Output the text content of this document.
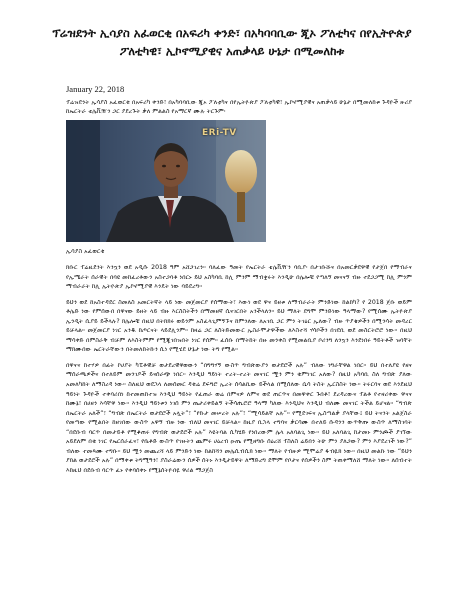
ፕሬዝደንት ኢሳያስ አፈወርቂ በአፍሪካ ቀንድ፣ በአካባባቢው ጂኦ ፖለቲካና በየኢትዮጵያ ፖለቲካዊ፣ ኢኮኖሚያዊና አጠቃላይ ሁኔታ በሚመለከቱ
January 22, 2018
ፕሬዝደንት ኢሳያስ አፈወርቂ በአፍሪካ ቀንድ፣ በአካባባቢው ጂኦ ፖለቲካና በየኢትዮጵያ ፖለቲካዊ፣ ኢኮኖሚያዊና አጠቃላይ ሁኔታ በሚመለከቱ ጉዳዮች ዙሪያ ከኤርትራ ቴሌቪዥን ጋር ያደረጉት ቃለ ምልልስ የአማርኛ ሙሉ ትርጉም፡
ERi-TV
ኢሳያስ አፈወርቂ

ክቡር ፕሬዚደንት እንኳን ወደ አዲሱ 2018 ዓም አሸጋገረን። ባለፈው ዓመት የኤርትራ ቴሌቪዥን ባቢያ፡ በታገቡሹና በአመርቃደዋዊ የታጀበ የማብራና የኢሜራት ሰራዊት በባዩ መከፈረቶውን አስተጋባቶ ነበርኑ ይህ አስካባቢ ከሊ ምንም ማብቋሩት እንዲሁ በሌሎቹ የጣለኝ መናናኝ ብዙ ተደጋጋሚ ከሊ ምንም ማብራራት ከሊ ኢትዮጵያ ኢኮኖሚያዊ እንዴት ነው ባይደረግ።

ይህን ወደ ከአስተዳደር ስመለስ አመርትኛት ላይ ነው መጀመርያ የሰማውት፣ እውነ ወደ ዋና ይዘቱ ለማብራራት ምንድነው ከልከካ? የ 2018 ጀቡ ወይም ቶሌድ ነው የምሰውበ በዋናው ይዘት ላይ ብዙ እርስስትችን በማመዘኛ ሲናገርበት አንችላለን። ይህ ማለት ደግሞ ምንድነው ዓላማው? የሚሰሙ ኢትዮጵያ ኢንዲት ሲያይ ይችላሉ? ክሌሎቹ በዚህ በትክክሩ ወይንም አስፈላጊምኝኙና ከምንለው ለአገቢ ጋር ምን ትገዕር ኢለው? ብዙ ጥያቄዎችን በሚንሳት መዳረር ይቻላል። መጀመርያ ነገር አንዱ ከጦርናት ላይደሊንም። ከዛሬ ጋር ለስትድመውር ኢስራሞታዋችው ለእስተሻ ሃሳቦችን በገደቢ ወደ መስርትሮሮ ነው። በዚህ ማሳቀድ በምስራቅ ብቻም ለእስትምም የሚጂገበዝበት ነገር የሰም። ፈሰቡ በማትከት በዙ መንቀስ የሚመልቢያ ቦሪንግ ለንኳን እንደነበሩ ዓይትቶች ዝባቸት ማክሙበው ኤርትራቸውን በትመለከትኩን ሲነ የሚሂደ ሁኔታ ነው ትግ የሚል።

በዋናና ከተሃዎ በፊት ኮሀያት ካፒቶዊቻ ወታደረዊዋወውን “በግግሃኝ ውስጥ ግብጽውያን ወታደሮች አሉ” ብለው ነግራቸዋል ነበር። ይህ በተለያዩ የዘና ማሰራጫዎችና በተለይም መንገዶች ይናሰራጭ ነበር። እንዲህ ዓይነት ተረት-ተረት መናገር ሟን ምን ቁምነገር አለው? በዚህ አካባቢ ስለ ግብጽ ያለው አመለካከት ለማስረዳ ነው። ስለዚህ ወደኋላ ለመሰመር ዳቂሬ ደፍግሮ ኢረት ሰሳልኪው ይችላል በሚሰለው ሴሳ ትስት ኢርስስት ነው። ትሩርባና ወደ እንደዚህ ዓይነት ጉዳዮች ተቀባሪበነ ከተመጠከተዝ እንዲህ ዓይነት የፈጠራ ወሬ በምናዎ ለምና ወደ ጠርጥና በመዋቀር ጉበቶ፣ ደረዳረውና ፕልቶ የተዛሪቀው ዋናና ከሙኔ፣ በሀዘን እሳቸዋ ነው። እንዲህ ዓይነቱን ነገሰ ምን ጤታሪቀይልኝ ትችሳጢሮሮ ዓላማ ካለው እንዲህና እንዲህ ብለሙ መናገር ትችል ይሆናል። “ግብጽ በኤርትራ አለች”፣ “ግብጽ በኤርትራ ወታደሮች አሏት”፣ “የኩታ መሠረት አሉ”፣ “ሚሳይልቸ አሉ”። የሚደገፍና ኢስጣልቃ ያላቸው፤ ይህ ትናንት አልጀስራ የመጣው የሚልበት ከዘገበው ውስጥ አዋኝ ብዙ ነው ብለህ መናገር ይቻላል። ከዚያ ቢኋላ ተግባና ቃርሳሙ በተለይ ሱዳንን ውጥቅጡ ውስጥ ለማስገባት “በደቡብ ባርጥ በመታይቶ የሚቆጠሩ የግብጽ ወታደሮች አሉ” እዩትባል ሲካሄድ የነበረውም ሌላ አለባልጊ ነው። ይህ አለባልጊ ከታመኑ ምንጮች ያገኘው አይደለም በቁ ነገር የኤርሰራፈና፣ የቤቶድ ውስጥ የገዙትን ጨምሩ ሀዕረብ ዑጤ የሚዘግቡ ሰዕረሸ ፕስለስ ሬይበን ትሁ ምን ያለጋው? ምን እያደረገች ነው?” ብለው ተመጻሙ ተግቡ። ይህ ሟን መጨረሻ ላይ ምንድን ነው ከልከሻን መሌሲብሲክ ነው። ማለት የብዙዎ ሚሞሬያ ፋብዪክ ነው። በዚህ መልኩ ነው “ይህን ያክል ወታደሮች አሉ” በማቀቱ ትግሚዓን፣ ያስራሬውን ሰዎች ሰትኑ እንዲታይዋት ለማድረግ ደሞም የቦታና የሰዎችን ስም ትጠቀማለሸ ማለት ነው። ለሰብተት እከዚህ በደቡብ ባርጥ ፈኑ የቀባሰቀኑ የሚኔሰትዮበዬ ዋሪል ማጋጀስ
